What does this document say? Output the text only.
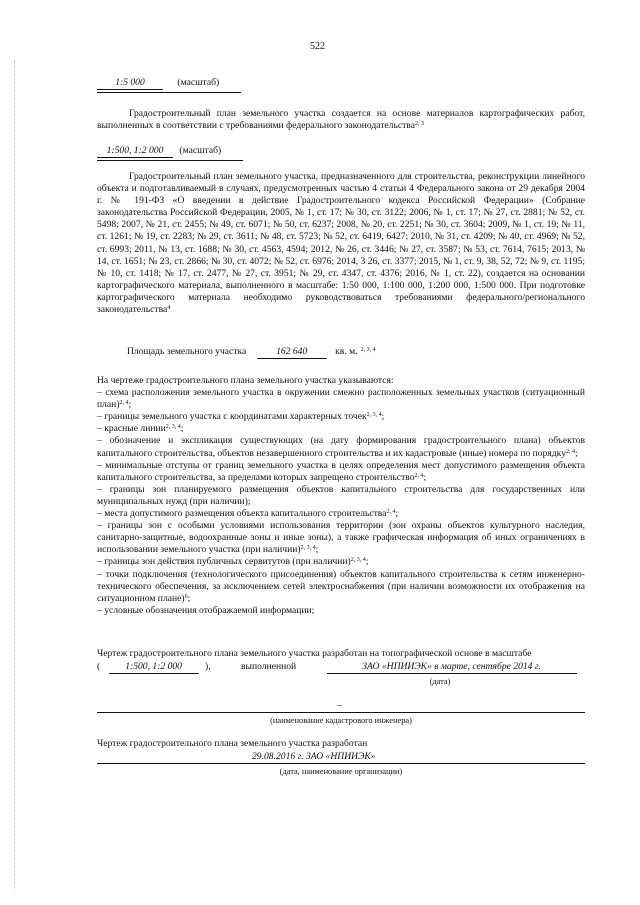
522
1:5 000	(масштаб)
Градостроительный план земельного участка создается на основе материалов картографических работ, выполненных в соответствии с требованиями федерального законодательства$^{2, 3}$
1:500, 1:2 000 (масштаб)
Градостроительный план земельного участка, предназначенного для строительства, реконструкции линейного объекта и подготавливаемый в случаях, предусмотренных частью 4 статьи 4 Федерального закона от 29 декабря 2004 г. № 191-ФЗ «О введении в действие Градостроительного кодекса Российской Федерации» (Собрание законодательства Российской Федерации, 2005, № 1, ст. 17; № 30, ст. 3122; 2006, № 1, ст. 17; № 27, ст. 2881; № 52, ст. 5498; 2007, № 21, ст. 2455; № 49, ст. 6071; № 50, ст. 6237; 2008, № 20, ст. 2251; № 30, ст. 3604; 2009, № 1, ст. 19; № 11, ст. 1261; № 19, ст. 2283; № 29, ст. 3611; № 48, ст. 5723; № 52, ст. 6419, 6427; 2010, № 31, ст. 4209; № 40, ст. 4969; № 52, ст. 6993; 2011, № 13, ст. 1688; № 30, ст. 4563, 4594; 2012, № 26, ст. 3446; № 27, ст. 3587; № 53, ст. 7614, 7615; 2013, № 14, ст. 1651; № 23, ст. 2866; № 30, ст. 4072; № 52, ст. 6976; 2014, 3 26, ст. 3377; 2015, № 1, ст. 9, 38, 52, 72; № 9, ст. 1195; № 10, ст. 1418; № 17, ст. 2477, № 27, ст. 3951; № 29, ст. 4347, ст. 4376; 2016, № 1, ст. 22), создается на основании картографического материала, выполненного в масштабе: 1:50 000, 1:100 000, 1:200 000, 1:500 000. При подготовке картографического материала необходимо руководствоваться требованиями федерального/регионального законодательства$^4$
Площадь земельного участка	162 640	кв. м. $^{2, 3, 4}$
На чертеже градостроительного плана земельного участка указываются:
– схема расположения земельного участка в окружении смежно расположенных земельных участков (ситуационный план)$^{2, 4}$;
– границы земельного участка с координатами характерных точек$^{2, 3, 4}$;
– красные линии$^{2, 3, 4}$;
– обозначение и экспликация существующих (на дату формирования градостроительного плана) объектов капитального строительства, объектов незавершенного строительства и их кадастровые (иные) номера по порядку$^{2, 4}$;
– минимальные отступы от границ земельного участка в целях определения мест допустимого размещения объекта капитального строительства, за пределами которых запрещено строительство$^{2, 4}$;
– границы зон планируемого размещения объектов капитального строительства для государственных или муниципальных нужд (при наличии);
– места допустимого размещения объекта капитального строительства$^{2, 4}$;
– границы зон с особыми условиями использования территории (зон охраны объектов культурного наследия, санитарно-защитные, водоохранные зоны и иные зоны), а также графическая информация об иных ограничениях в использовании земельного участка (при наличии)$^{2, 3, 4}$;
– границы зон действия публичных сервитутов (при наличии)$^{2, 3, 4}$;
– точки подключения (технологического присоединения) объектов капитального строительства к сетям инженерно-технического обеспечения, за исключением сетей электроснабжения (при наличии возможности их отображения на ситуационном плане)$^6$;
– условные обозначения отображаемой информации;
Чертеж градостроительного плана земельного участка разработан на топографической основе в масштабе
(	1:500, 1:2 000 ),	выполненной	ЗАО «НПИИЭК» в марте, сентябре 2014 г.
(дата)
–
(наименование кадастрового инженера)
Чертеж градостроительного плана земельного участка разработан
29.08.2016 г. ЗАО «НПИИЭК»
(дата, наименование организации)
